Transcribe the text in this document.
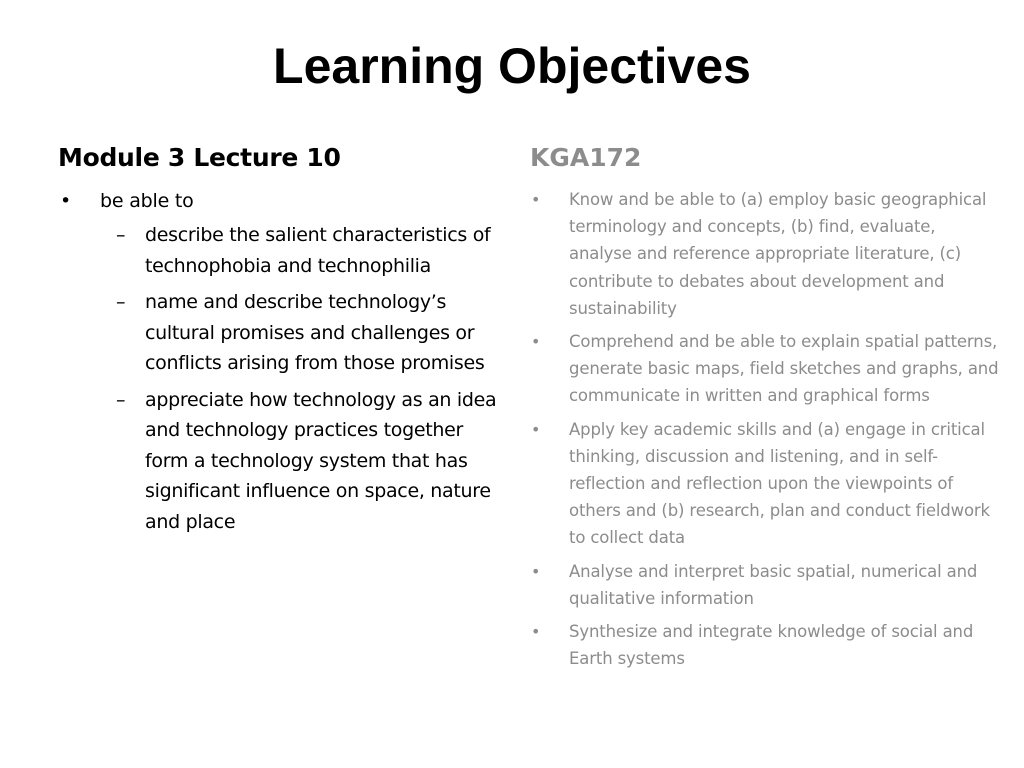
Learning Objectives
Module 3 Lecture 10
• be able to
– describe the salient characteristics of technophobia and technophilia
– name and describe technology’s cultural promises and challenges or conflicts arising from those promises
– appreciate how technology as an idea and technology practices together form a technology system that has significant influence on space, nature and place
KGA172
• Know and be able to (a) employ basic geographical terminology and concepts, (b) find, evaluate, analyse and reference appropriate literature, (c) contribute to debates about development and sustainability
• Comprehend and be able to explain spatial patterns, generate basic maps, field sketches and graphs, and communicate in written and graphical forms
• Apply key academic skills and (a) engage in critical thinking, discussion and listening, and in self-reflection and reflection upon the viewpoints of others and (b) research, plan and conduct fieldwork to collect data
• Analyse and interpret basic spatial, numerical and qualitative information
• Synthesize and integrate knowledge of social and Earth systems
